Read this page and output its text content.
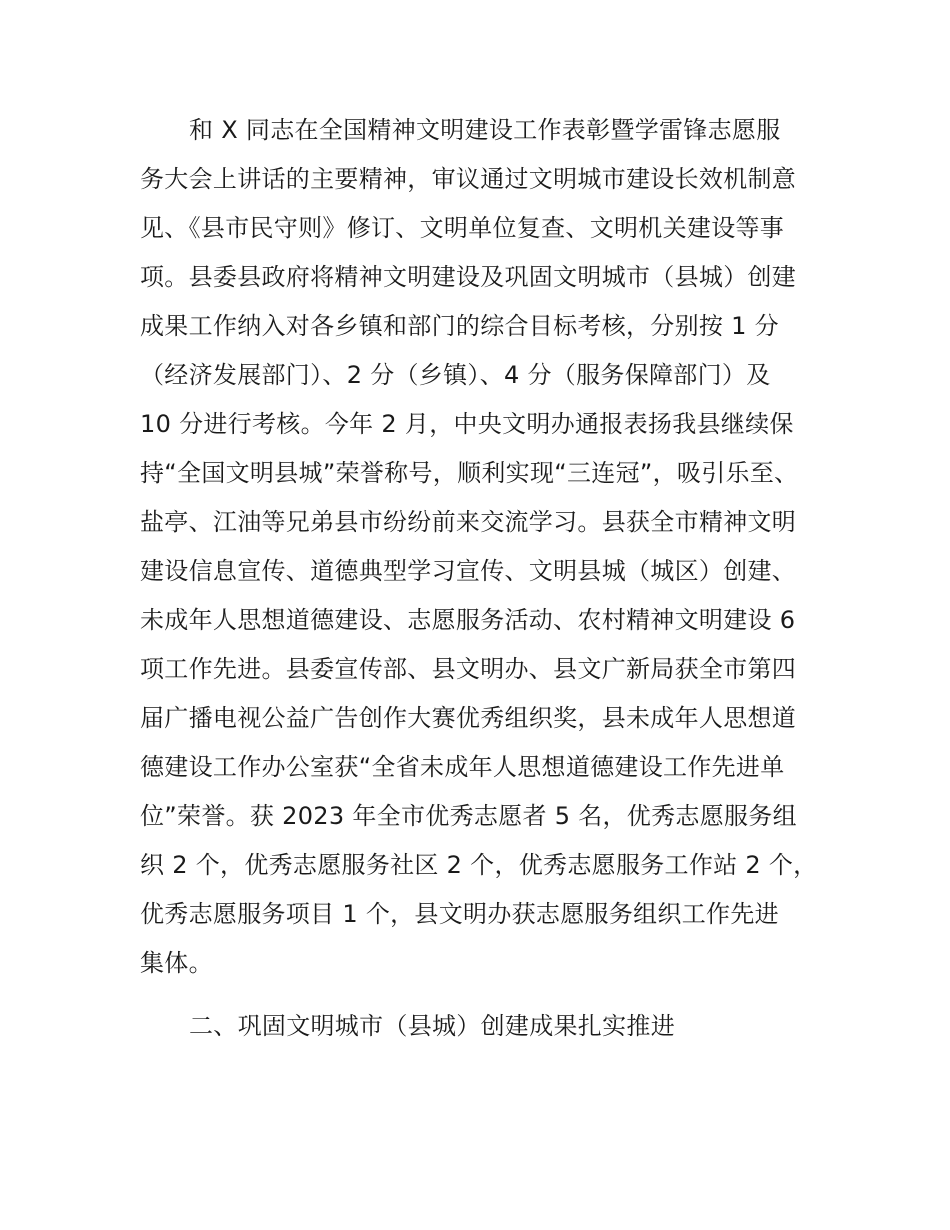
和 X 同志在全国精神文明建设工作表彰暨学雷锋志愿服
务大会上讲话的主要精神，审议通过文明城市建设长效机制意
见、《县市民守则》修订、文明单位复查、文明机关建设等事
项。县委县政府将精神文明建设及巩固文明城市（县城）创建
成果工作纳入对各乡镇和部门的综合目标考核，分别按 1 分
（经济发展部门）、2 分（乡镇）、4 分（服务保障部门）及
10 分进行考核。今年 2 月，中央文明办通报表扬我县继续保
持“全国文明县城”荣誉称号，顺利实现“三连冠”，吸引乐至、
盐亭、江油等兄弟县市纷纷前来交流学习。县获全市精神文明
建设信息宣传、道德典型学习宣传、文明县城（城区）创建、
未成年人思想道德建设、志愿服务活动、农村精神文明建设 6
项工作先进。县委宣传部、县文明办、县文广新局获全市第四
届广播电视公益广告创作大赛优秀组织奖，县未成年人思想道
德建设工作办公室获“全省未成年人思想道德建设工作先进单
位”荣誉。获 2023 年全市优秀志愿者 5 名，优秀志愿服务组
织 2 个，优秀志愿服务社区 2 个，优秀志愿服务工作站 2 个，
优秀志愿服务项目 1 个，县文明办获志愿服务组织工作先进
集体。
二、巩固文明城市（县城）创建成果扎实推进
